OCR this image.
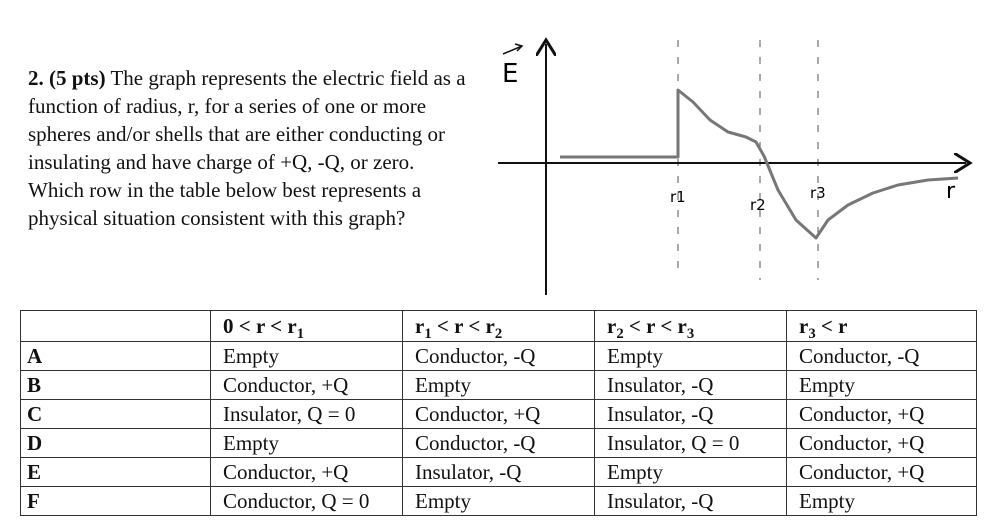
2. (5 pts) The graph represents the electric field as a function of radius, r, for a series of one or more spheres and/or shells that are either conducting or insulating and have charge of +Q, -Q, or zero. Which row in the table below best represents a physical situation consistent with this graph?
E
r
r1	r2
r3
	$0 < r < r_1$	$r_1 < r < r_2$	$r_2 < r < r_3$	$r_3 < r$
A	Empty	Conductor, -Q	Empty	Conductor, -Q
B	Conductor, +Q	Empty	Insulator, -Q	Empty
C	Insulator, Q = 0	Conductor, +Q	Insulator, -Q	Conductor, +Q
D	Empty	Conductor, -Q	Insulator, Q = 0	Conductor, +Q
E	Conductor, +Q	Insulator, -Q	Empty	Conductor, +Q
F	Conductor, Q = 0	Empty	Insulator, -Q	Empty
